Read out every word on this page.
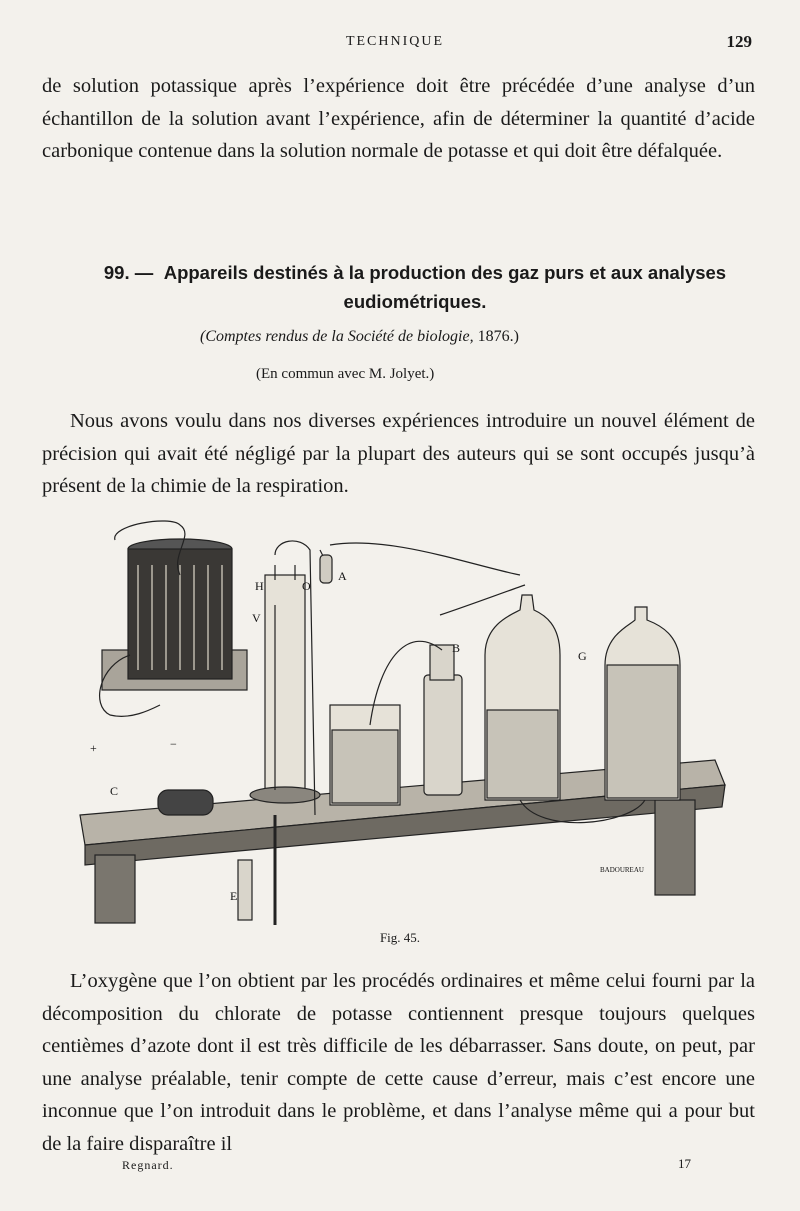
TECHNIQUE	129

de solution potassique après l’expérience doit être précédée d’une analyse d’un échantillon de la solution avant l’expérience, afin de déterminer la quantité d’acide carbonique contenue dans la solution normale de potasse et qui doit être défalquée.

99. — Appareils destinés à la production des gaz purs et aux analyses eudiométriques.
(Comptes rendus de la Société de biologie, 1876.)
(En commun avec M. Jolyet.)

Nous avons voulu dans nos diverses expériences introduire un nouvel élément de précision qui avait été négligé par la plupart des auteurs qui se sont occupés jusqu’à présent de la chimie de la respiration.

H	O
A
V
B
G
+	−
C
E
BADOUREAU
Fig. 45.

L’oxygène que l’on obtient par les procédés ordinaires et même celui fourni par la décomposition du chlorate de potasse contiennent presque toujours quelques centièmes d’azote dont il est très difficile de les débarrasser. Sans doute, on peut, par une analyse préalable, tenir compte de cette cause d’erreur, mais c’est encore une inconnue que l’on introduit dans le problème, et dans l’analyse même qui a pour but de la faire disparaître il

Regnard.	17
